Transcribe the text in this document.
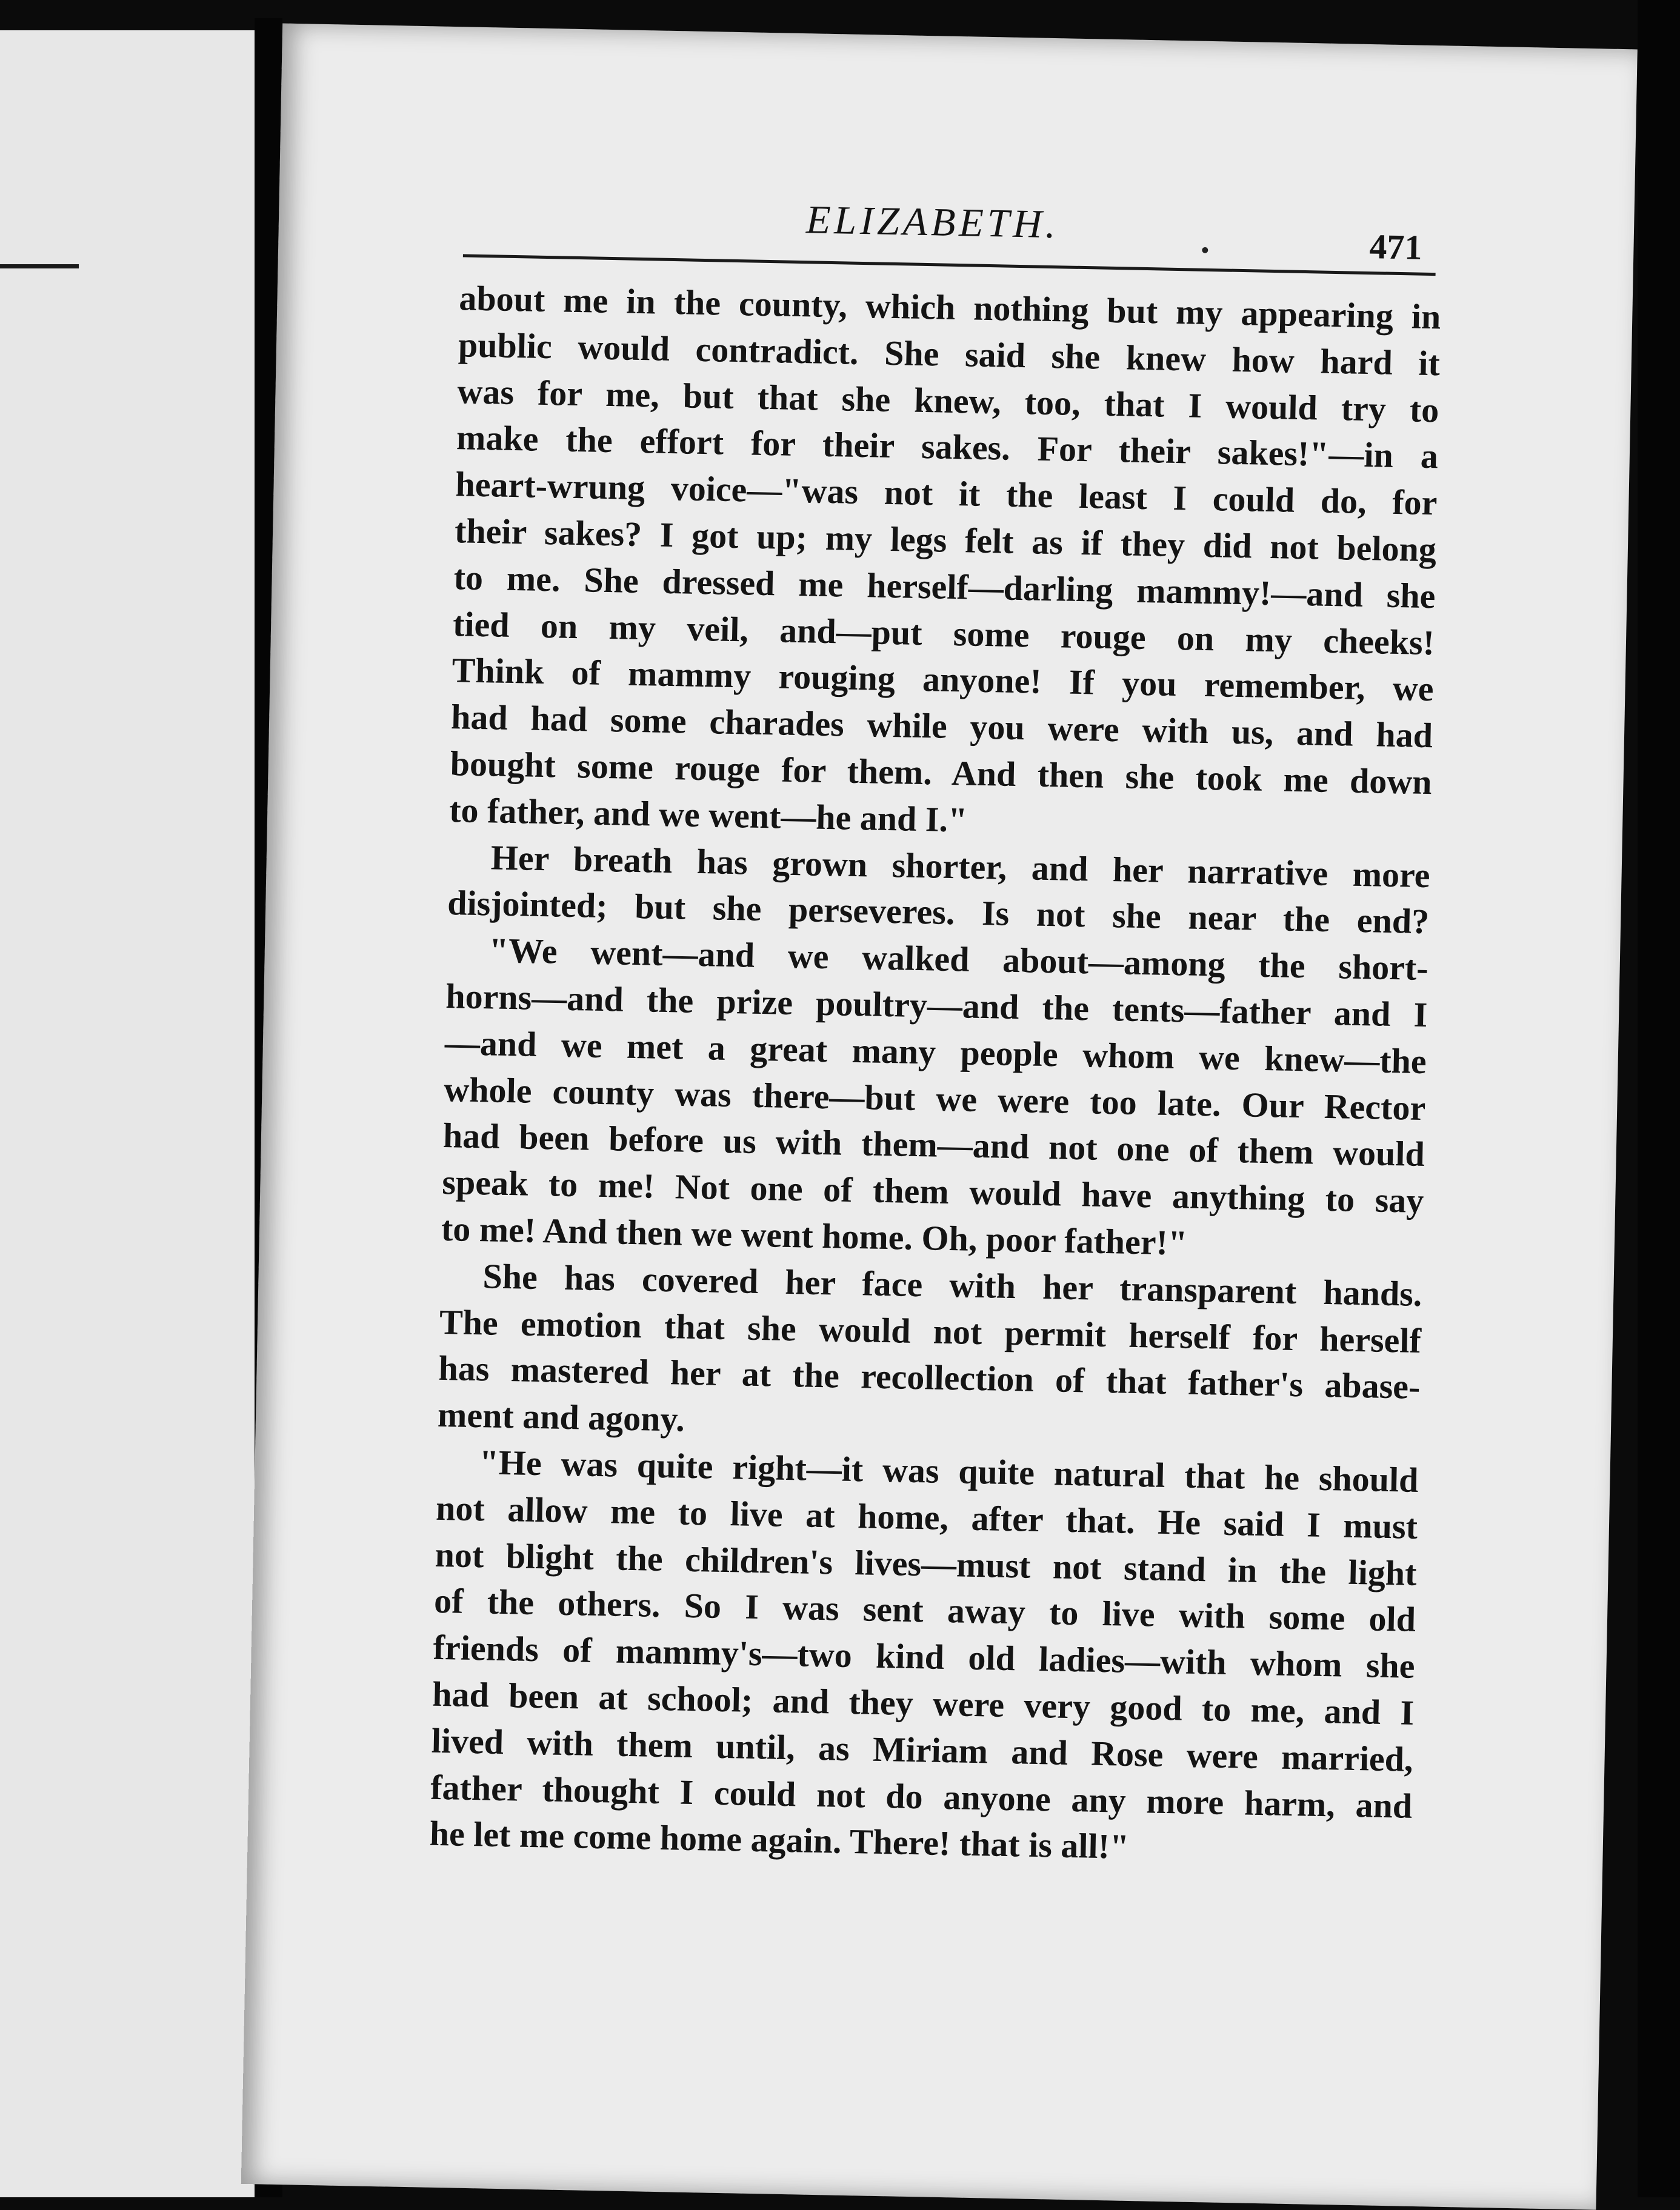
ELIZABETH.
471
about me in the county, which nothing but my appearing in
public would contradict. She said she knew how hard it
was for me, but that she knew, too, that I would try to
make the effort for their sakes. For their sakes!"—in a
heart-wrung voice—"was not it the least I could do, for
their sakes? I got up; my legs felt as if they did not belong
to me. She dressed me herself—darling mammy!—and she
tied on my veil, and—put some rouge on my cheeks!
Think of mammy rouging anyone! If you remember, we
had had some charades while you were with us, and had
bought some rouge for them. And then she took me down
to father, and we went—he and I."
Her breath has grown shorter, and her narrative more
disjointed; but she perseveres. Is not she near the end?
"We went—and we walked about—among the short-
horns—and the prize poultry—and the tents—father and I
—and we met a great many people whom we knew—the
whole county was there—but we were too late. Our Rector
had been before us with them—and not one of them would
speak to me! Not one of them would have anything to say
to me! And then we went home. Oh, poor father!"
She has covered her face with her transparent hands.
The emotion that she would not permit herself for herself
has mastered her at the recollection of that father's abase-
ment and agony.
"He was quite right—it was quite natural that he should
not allow me to live at home, after that. He said I must
not blight the children's lives—must not stand in the light
of the others. So I was sent away to live with some old
friends of mammy's—two kind old ladies—with whom she
had been at school; and they were very good to me, and I
lived with them until, as Miriam and Rose were married,
father thought I could not do anyone any more harm, and
he let me come home again. There! that is all!"
